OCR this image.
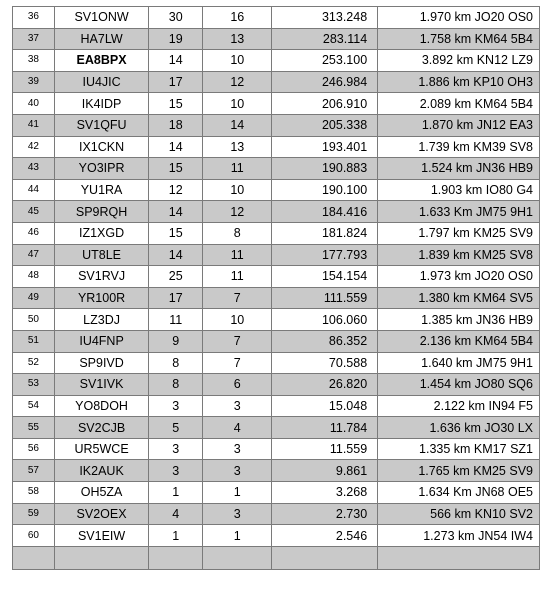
36	SV1ONW	30	16	313.248	1.970 km JO20 OS0
37	HA7LW	19	13	283.114	1.758 km KM64 5B4
38	EA8BPX	14	10	253.100	3.892 km KN12 LZ9
39	IU4JIC	17	12	246.984	1.886 km KP10 OH3
40	IK4IDP	15	10	206.910	2.089 km KM64 5B4
41	SV1QFU	18	14	205.338	1.870 km JN12 EA3
42	IX1CKN	14	13	193.401	1.739 km KM39 SV8
43	YO3IPR	15	11	190.883	1.524 km JN36 HB9
44	YU1RA	12	10	190.100	1.903 km IO80 G4
45	SP9RQH	14	12	184.416	1.633 Km JM75 9H1
46	IZ1XGD	15	8	181.824	1.797 km KM25 SV9
47	UT8LE	14	11	177.793	1.839 km KM25 SV8
48	SV1RVJ	25	11	154.154	1.973 km JO20 OS0
49	YR100R	17	7	111.559	1.380 km KM64 SV5
50	LZ3DJ	11	10	106.060	1.385 km JN36 HB9
51	IU4FNP	9	7	86.352	2.136 km KM64 5B4
52	SP9IVD	8	7	70.588	1.640 km JM75 9H1
53	SV1IVK	8	6	26.820	1.454 km JO80 SQ6
54	YO8DOH	3	3	15.048	2.122 km IN94 F5
55	SV2CJB	5	4	11.784	1.636 km JO30 LX
56	UR5WCE	3	3	11.559	1.335 km KM17 SZ1
57	IK2AUK	3	3	9.861	1.765 km KM25 SV9
58	OH5ZA	1	1	3.268	1.634 Km JN68 OE5
59	SV2OEX	4	3	2.730	566 km KN10 SV2
60	SV1EIW	1	1	2.546	1.273 km JN54 IW4
